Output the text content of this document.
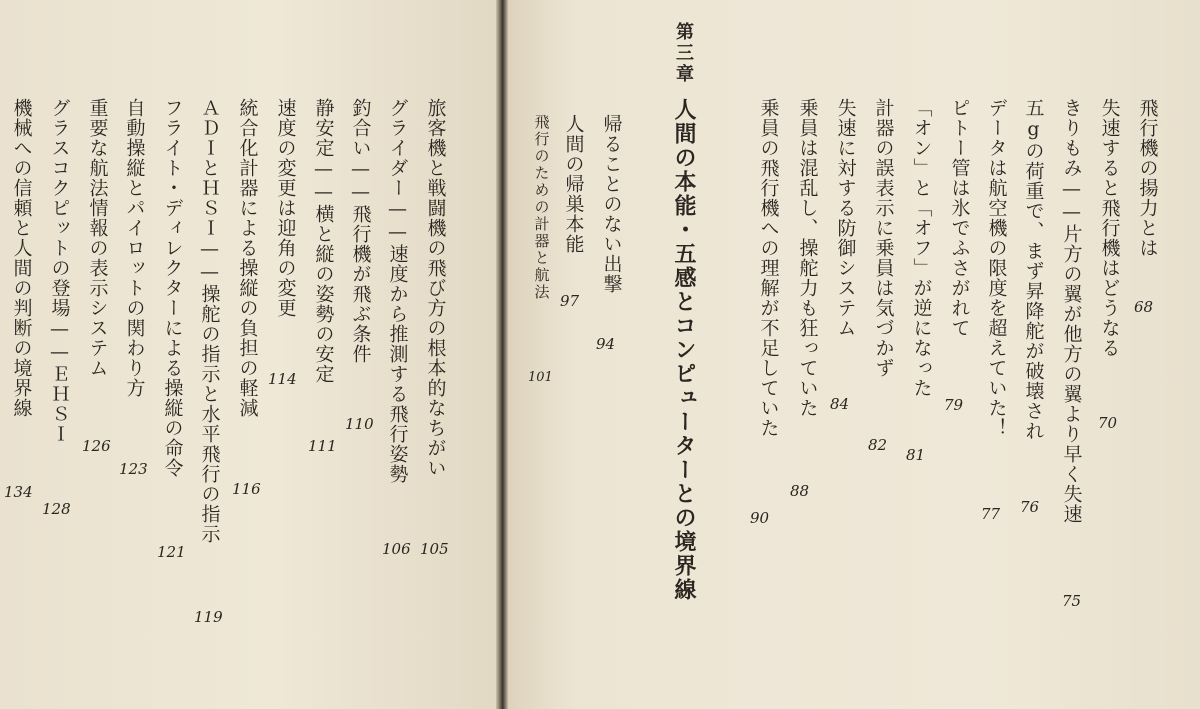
旅客機と戦闘機の飛び方の根本的なちがい
105
グライダー——速度から推測する飛行姿勢
106
釣合い——飛行機が飛ぶ条件
110
静安定——横と縦の姿勢の安定
111
速度の変更は迎角の変更
114
統合化計器による操縦の負担の軽減
116
ＡＤＩとＨＳＩ——操舵の指示と水平飛行の指示
119
フライト・ディレクターによる操縦の命令
121
自動操縦とパイロットの関わり方
123
重要な航法情報の表示システム
126
グラスコクピットの登場——ＥＨＳＩ
128
機械への信頼と人間の判断の境界線
134
飛行機の揚力とは
68
失速すると飛行機はどうなる
70
きりもみ——片方の翼が他方の翼より早く失速
75
五gの荷重で、まず昇降舵が破壊され
76
データは航空機の限度を超えていた！
77
ピトー管は氷でふさがれて
79
「オン」と「オフ」が逆になった
81
計器の誤表示に乗員は気づかず
82
失速に対する防御システム
84
乗員は混乱し、操舵力も狂っていた
88
乗員の飛行機への理解が不足していた
90
第三章
人間の本能・五感とコンピューターとの境界線
帰ることのない出撃
94
人間の帰巣本能
97
飛行のための計器と航法
101
